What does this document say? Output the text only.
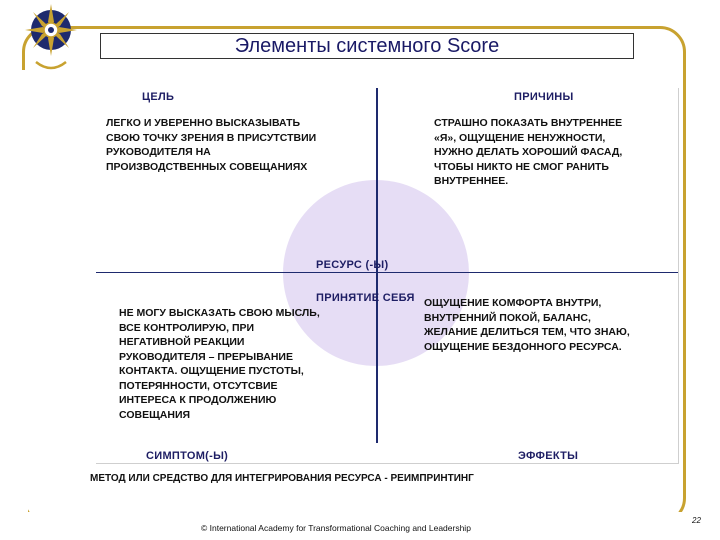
Элементы системного Score
ЦЕЛЬ
ЛЕГКО И УВЕРЕННО ВЫСКАЗЫВАТЬ СВОЮ ТОЧКУ ЗРЕНИЯ В ПРИСУТСТВИИ РУКОВОДИТЕЛЯ НА ПРОИЗВОДСТВЕННЫХ СОВЕЩАНИЯХ
ПРИЧИНЫ
СТРАШНО ПОКАЗАТЬ ВНУТРЕННЕЕ «Я», ОЩУЩЕНИЕ НЕНУЖНОСТИ, НУЖНО ДЕЛАТЬ ХОРОШИЙ ФАСАД, ЧТОБЫ НИКТО НЕ СМОГ РАНИТЬ ВНУТРЕННЕЕ.
РЕСУРС (-Ы)
ПРИНЯТИЕ СЕБЯ
НЕ МОГУ ВЫСКАЗАТЬ СВОЮ МЫСЛЬ, ВСЕ КОНТРОЛИРУЮ, ПРИ НЕГАТИВНОЙ РЕАКЦИИ РУКОВОДИТЕЛЯ – ПРЕРЫВАНИЕ КОНТАКТА. ОЩУЩЕНИЕ ПУСТОТЫ, ПОТЕРЯННОСТИ, ОТСУТСВИЕ ИНТЕРЕСА К ПРОДОЛЖЕНИЮ СОВЕЩАНИЯ
ОЩУЩЕНИЕ КОМФОРТА ВНУТРИ, ВНУТРЕННИЙ ПОКОЙ, БАЛАНС, ЖЕЛАНИЕ ДЕЛИТЬСЯ ТЕМ, ЧТО ЗНАЮ, ОЩУЩЕНИЕ БЕЗДОННОГО РЕСУРСА.
СИМПТОМ(-Ы)	ЭФФЕКТЫ
МЕТОД ИЛИ СРЕДСТВО ДЛЯ ИНТЕГРИРОВАНИЯ РЕСУРСА - РЕИМПРИНТИНГ
© International Academy for Transformational Coaching and Leadership
22
